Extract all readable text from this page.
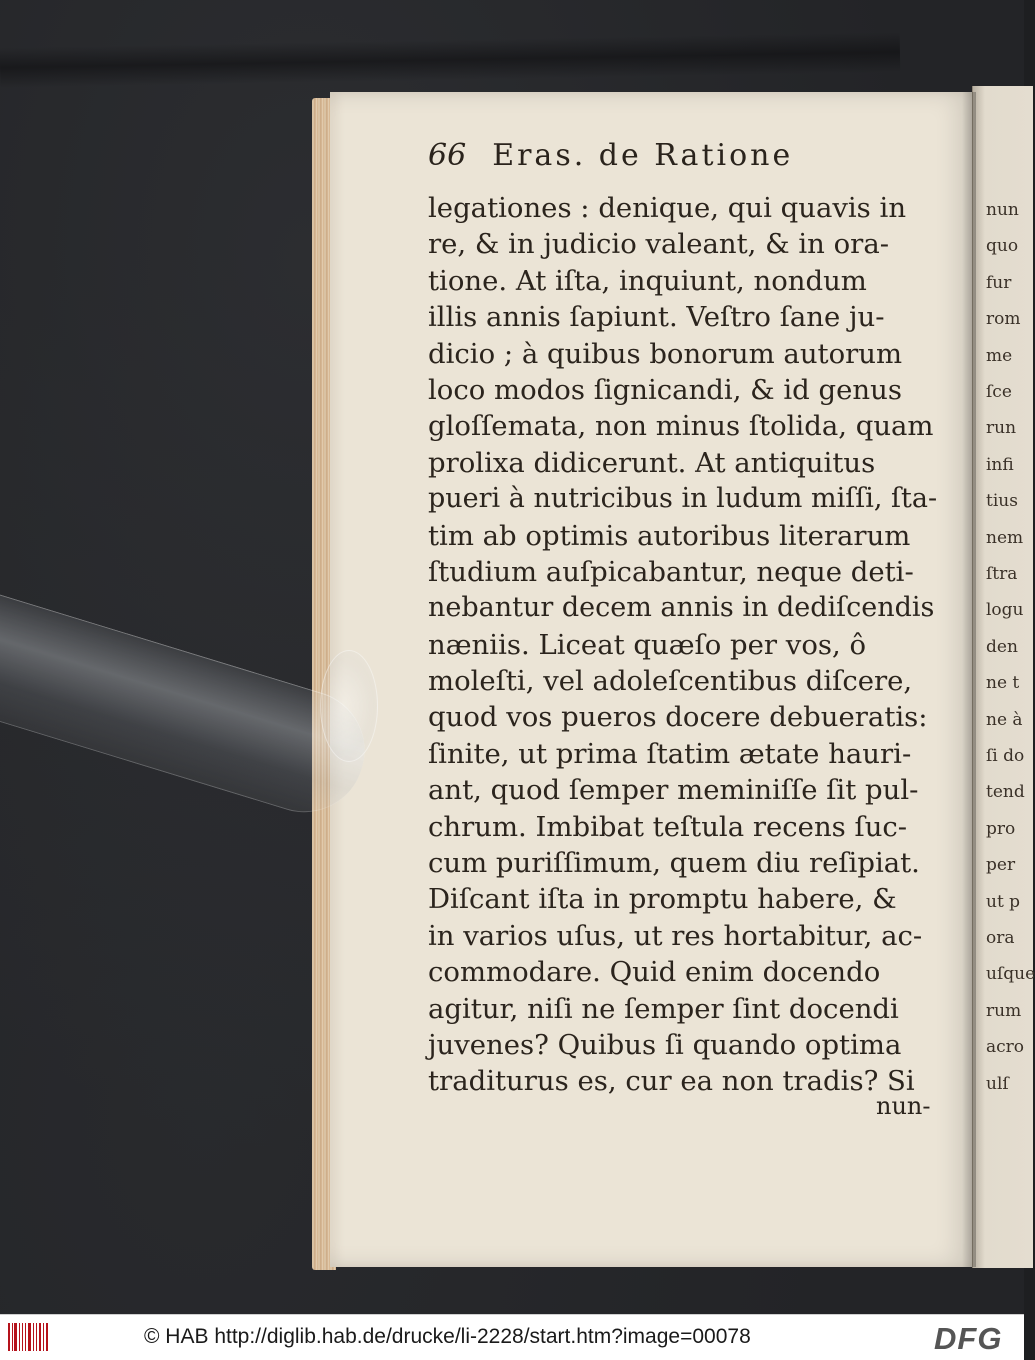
nun
quo
fur
rom
me
ſce
run
infi
tius
nem
ſtra
logu
den
ne t
ne à
ſi do
tend
pro
per
ut p
ora
uſque
rum
acro
ulſ
66 Eras. de Ratione
legationes : denique, qui quavis in
re, & in judicio valeant, & in ora-
tione. At iſta, inquiunt, nondum
illis annis ſapiunt. Veſtro ſane ju-
dicio ; à quibus bonorum autorum
loco modos ſignicandi, & id genus
gloſſemata, non minus ſtolida, quam
prolixa didicerunt. At antiquitus
pueri à nutricibus in ludum miſſi, ſta-
tim ab optimis autoribus literarum
ſtudium auſpicabantur, neque deti-
nebantur decem annis in dediſcendis
næniis. Liceat quæſo per vos, ô
moleſti, vel adoleſcentibus diſcere,
quod vos pueros docere debueratis:
ſinite, ut prima ſtatim ætate hauri-
ant, quod ſemper meminiſſe ſit pul-
chrum. Imbibat teſtula recens ſuc-
cum puriſſimum, quem diu reſipiat.
Diſcant iſta in promptu habere, &
in varios uſus, ut res hortabitur, ac-
commodare. Quid enim docendo
agitur, niſi ne ſemper ſint docendi
juvenes? Quibus ſi quando optima
traditurus es, cur ea non tradis? Si
nun-
© HAB http://diglib.hab.de/drucke/li-2228/start.htm?image=00078	DFG
